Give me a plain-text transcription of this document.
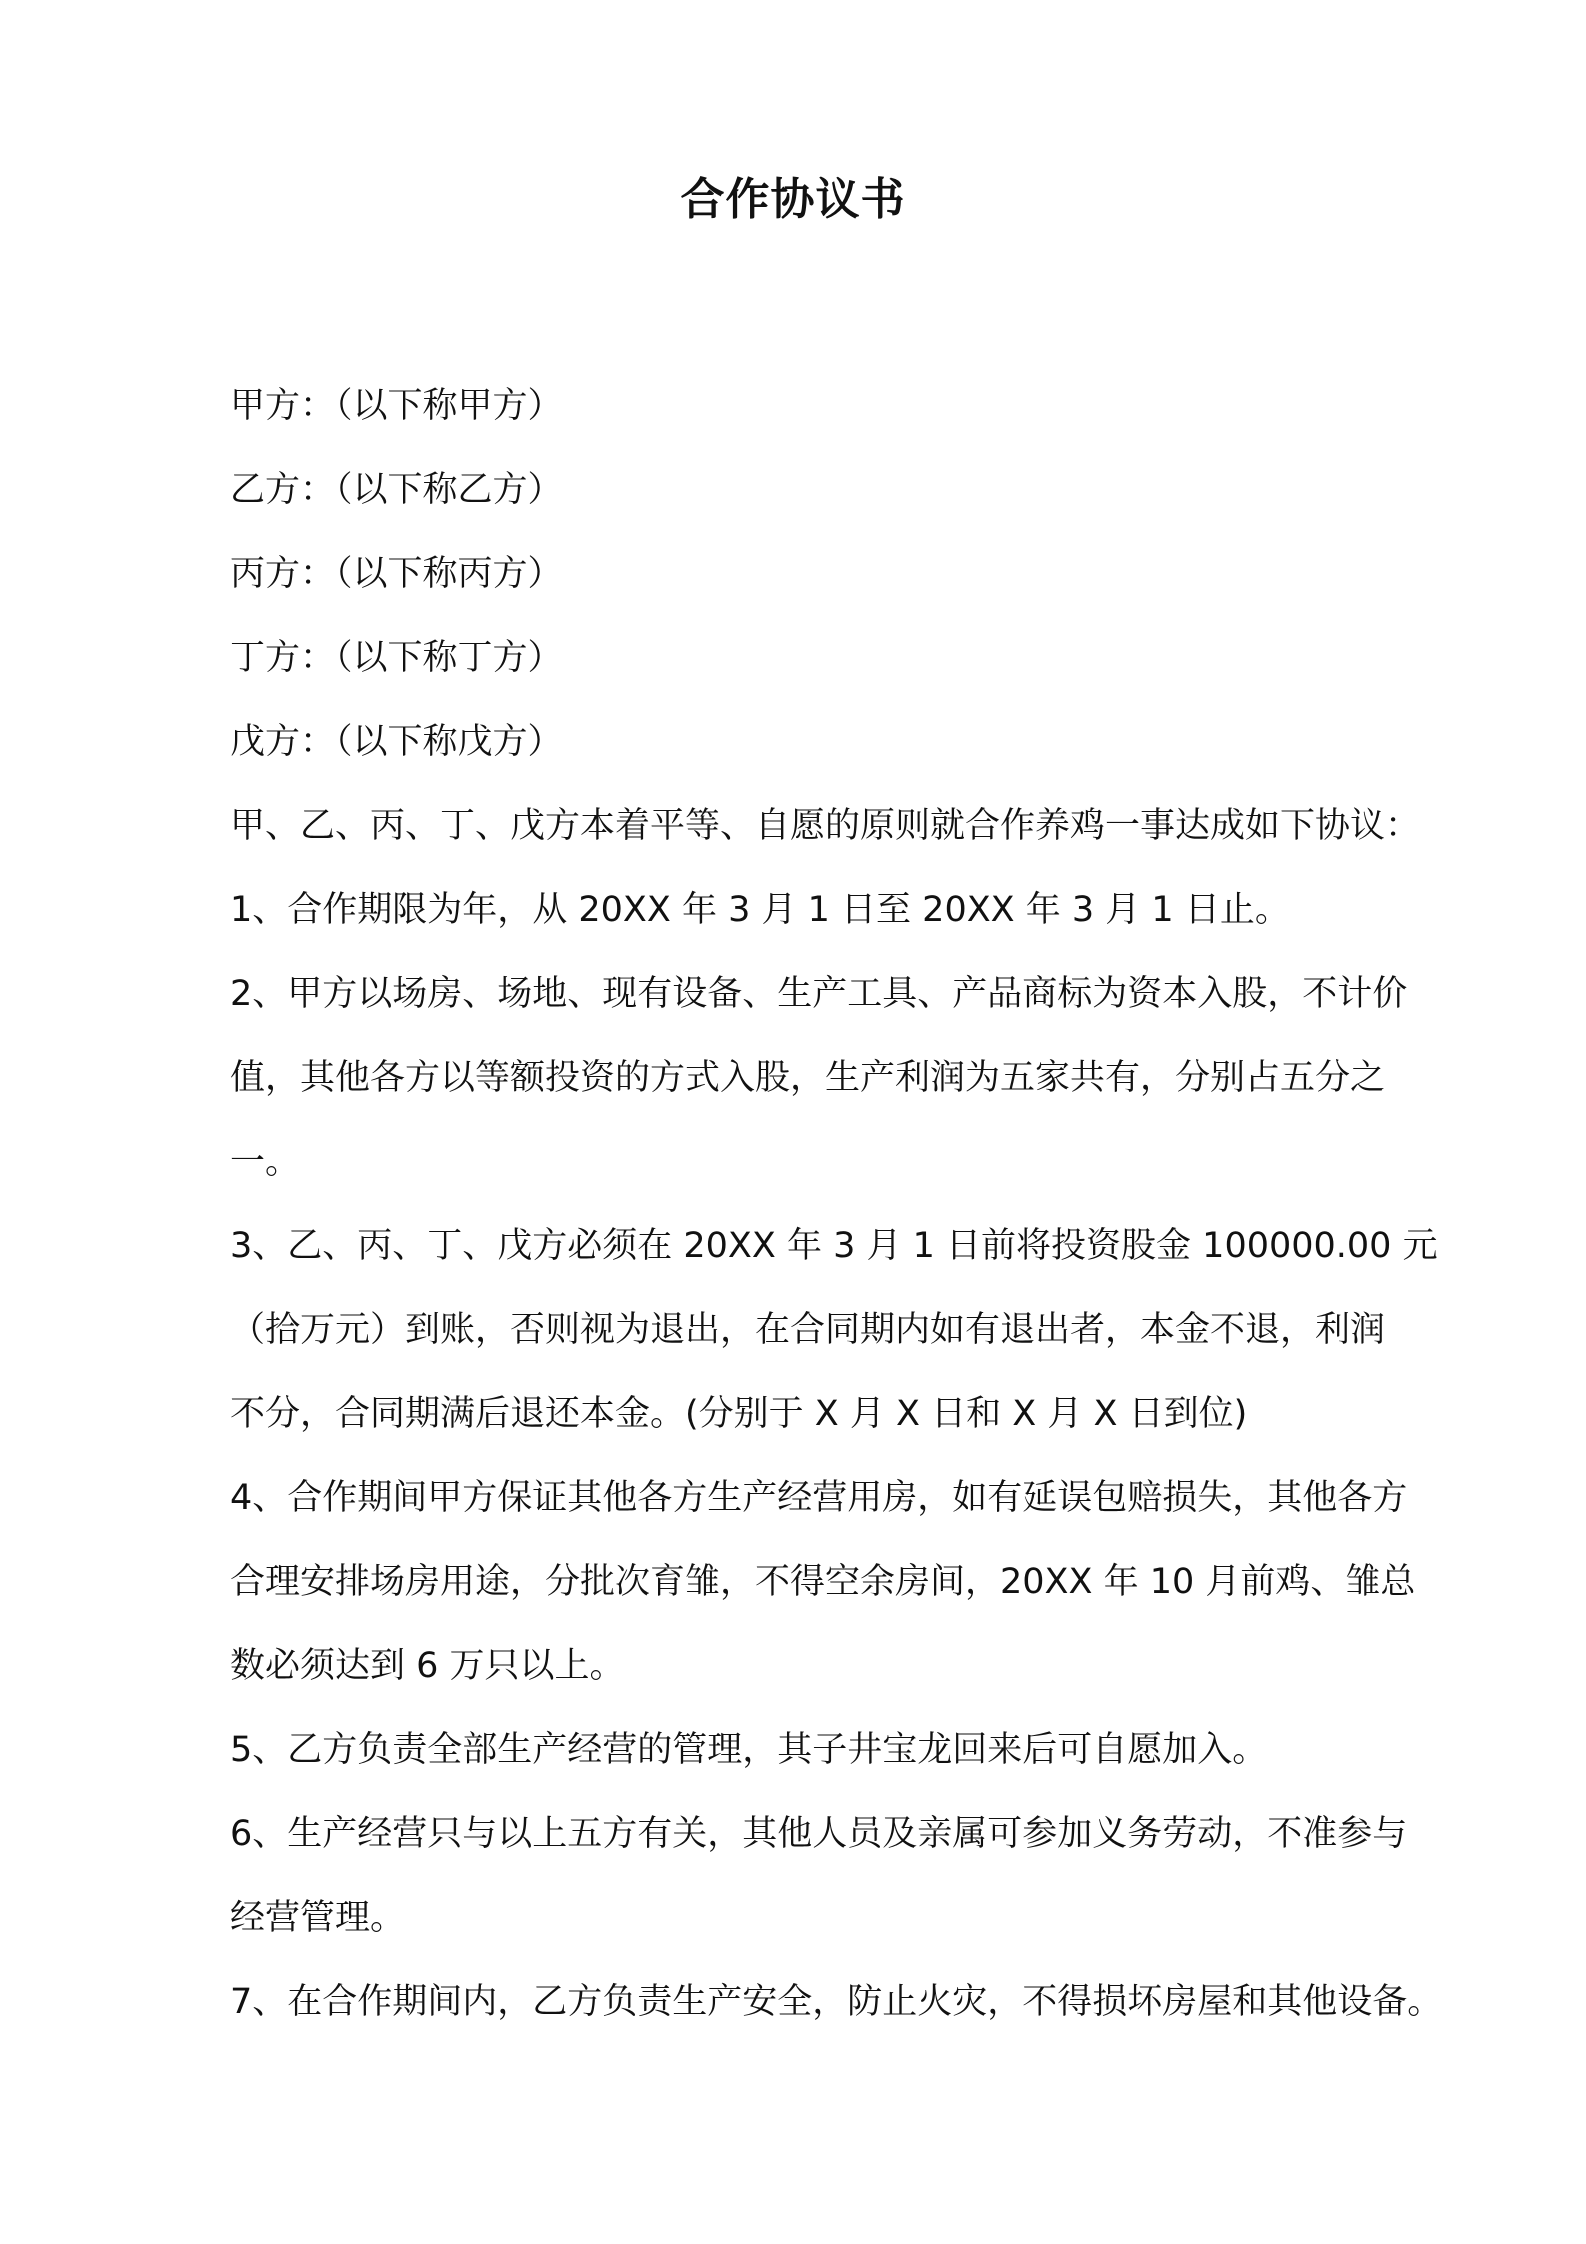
合作协议书
甲方：（以下称甲方）
乙方：（以下称乙方）
丙方：（以下称丙方）
丁方：（以下称丁方）
戊方：（以下称戊方）
甲、乙、丙、丁、戊方本着平等、自愿的原则就合作养鸡一事达成如下协议：
1、合作期限为年，从 20XX 年 3 月 1 日至 20XX 年 3 月 1 日止。
2、甲方以场房、场地、现有设备、生产工具、产品商标为资本入股，不计价
值，其他各方以等额投资的方式入股，生产利润为五家共有，分别占五分之
一。
3、乙、丙、丁、戊方必须在 20XX 年 3 月 1 日前将投资股金 100000.00 元
（拾万元）到账，否则视为退出，在合同期内如有退出者，本金不退，利润
不分，合同期满后退还本金。(分别于 X 月 X 日和 X 月 X 日到位)
4、合作期间甲方保证其他各方生产经营用房，如有延误包赔损失，其他各方
合理安排场房用途，分批次育雏，不得空余房间，20XX 年 10 月前鸡、雏总
数必须达到 6 万只以上。
5、乙方负责全部生产经营的管理，其子井宝龙回来后可自愿加入。
6、生产经营只与以上五方有关，其他人员及亲属可参加义务劳动，不准参与
经营管理。
7、在合作期间内，乙方负责生产安全，防止火灾，不得损坏房屋和其他设备。
